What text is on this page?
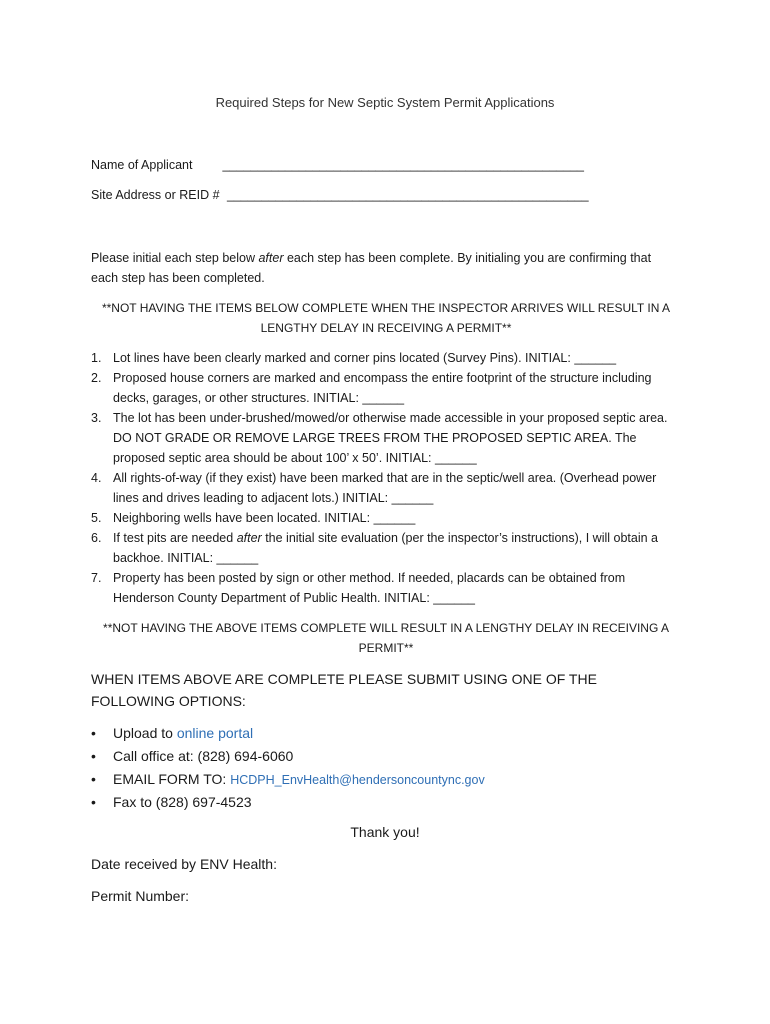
Required Steps for New Septic System Permit Applications
Name of Applicant ____________________________________________________
Site Address or REID # ____________________________________________________
Please initial each step below after each step has been complete. By initialing you are confirming that each step has been completed.
**NOT HAVING THE ITEMS BELOW COMPLETE WHEN THE INSPECTOR ARRIVES WILL RESULT IN A LENGTHY DELAY IN RECEIVING A PERMIT**
1. Lot lines have been clearly marked and corner pins located (Survey Pins). INITIAL: ______
2. Proposed house corners are marked and encompass the entire footprint of the structure including decks, garages, or other structures. INITIAL: ______
3. The lot has been under-brushed/mowed/or otherwise made accessible in your proposed septic area. DO NOT GRADE OR REMOVE LARGE TREES FROM THE PROPOSED SEPTIC AREA. The proposed septic area should be about 100’ x 50’. INITIAL: ______
4. All rights-of-way (if they exist) have been marked that are in the septic/well area. (Overhead power lines and drives leading to adjacent lots.) INITIAL: ______
5. Neighboring wells have been located. INITIAL: ______
6. If test pits are needed after the initial site evaluation (per the inspector’s instructions), I will obtain a backhoe. INITIAL: ______
7. Property has been posted by sign or other method. If needed, placards can be obtained from Henderson County Department of Public Health. INITIAL: ______
**NOT HAVING THE ABOVE ITEMS COMPLETE WILL RESULT IN A LENGTHY DELAY IN RECEIVING A PERMIT**
WHEN ITEMS ABOVE ARE COMPLETE PLEASE SUBMIT USING ONE OF THE FOLLOWING OPTIONS:
• Upload to online portal
• Call office at: (828) 694-6060
• EMAIL FORM TO: HCDPH_EnvHealth@hendersoncountync.gov
• Fax to (828) 697-4523
Thank you!
Date received by ENV Health:
Permit Number:
